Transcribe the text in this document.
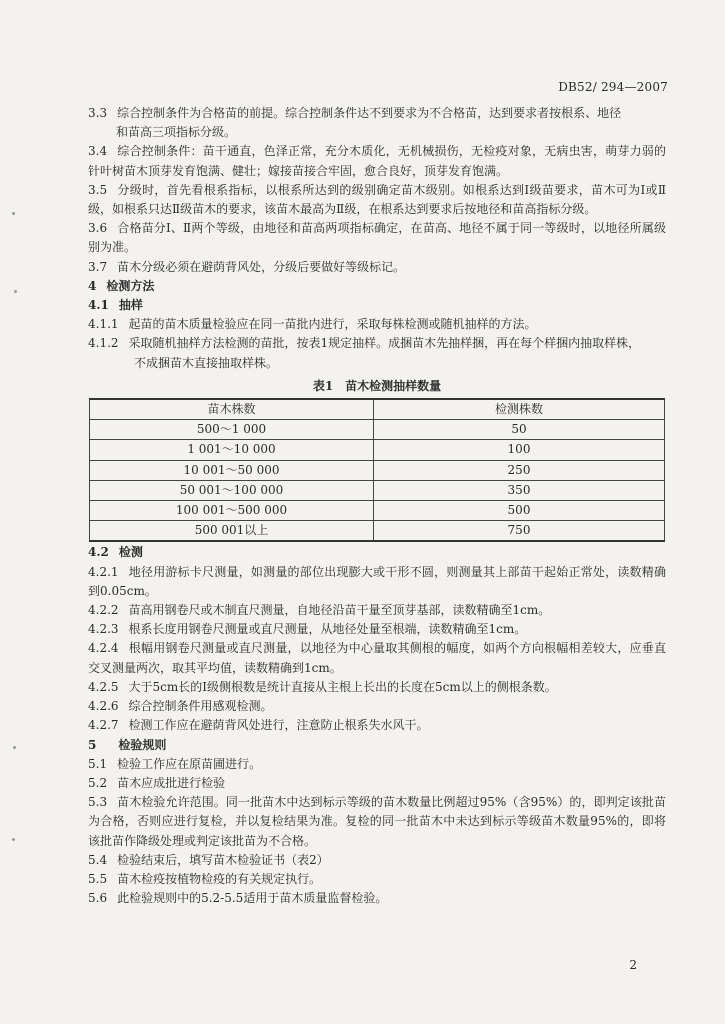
DB52/ 294—2007

3.3 综合控制条件为合格苗的前提。综合控制条件达不到要求为不合格苗，达到要求者按根系、地径

和苗高三项指标分级。

3.4 综合控制条件：苗干通直，色泽正常，充分木质化，无机械损伤，无检疫对象，无病虫害，萌芽力弱的针叶树苗木顶芽发育饱满、健壮；嫁接苗接合牢固，愈合良好，顶芽发育饱满。

3.5 分级时，首先看根系指标，以根系所达到的级别确定苗木级别。如根系达到Ⅰ级苗要求，苗木可为Ⅰ或Ⅱ级，如根系只达Ⅱ级苗木的要求，该苗木最高为Ⅱ级，在根系达到要求后按地径和苗高指标分级。

3.6 合格苗分Ⅰ、Ⅱ两个等级，由地径和苗高两项指标确定，在苗高、地径不属于同一等级时，以地径所属级别为准。

3.7 苗木分级必须在避荫背风处，分级后要做好等级标记。

4 检测方法

4.1 抽样

4.1.1 起苗的苗木质量检验应在同一苗批内进行，采取每株检测或随机抽样的方法。

4.1.2 采取随机抽样方法检测的苗批，按表1规定抽样。成捆苗木先抽样捆，再在每个样捆内抽取样株，

不成捆苗木直接抽取样株。

表1　苗木检测抽样数量
苗木株数	检测株数
500～1 000	50
1 001～10 000	100
10 001～50 000	250
50 001～100 000	350
100 001～500 000	500
500 001以上	750

4.2 检测

4.2.1 地径用游标卡尺测量，如测量的部位出现膨大或干形不圆，则测量其上部苗干起始正常处，读数精确到0.05cm。

4.2.2 苗高用钢卷尺或木制直尺测量，自地径沿苗干量至顶芽基部，读数精确至1cm。

4.2.3 根系长度用钢卷尺测量或直尺测量，从地径处量至根端，读数精确至1cm。

4.2.4 根幅用钢卷尺测量或直尺测量，以地径为中心量取其侧根的幅度，如两个方向根幅相差较大，应垂直交叉测量两次，取其平均值，读数精确到1cm。

4.2.5 大于5cm长的Ⅰ级侧根数是统计直接从主根上长出的长度在5cm以上的侧根条数。

4.2.6 综合控制条件用感观检测。

4.2.7 检测工作应在避荫背风处进行，注意防止根系失水风干。

5 检验规则

5.1 检验工作应在原苗圃进行。

5.2 苗木应成批进行检验

5.3 苗木检验允许范围。同一批苗木中达到标示等级的苗木数量比例超过95%（含95%）的，即判定该批苗为合格，否则应进行复检，并以复检结果为准。复检的同一批苗木中未达到标示等级苗木数量95%的，即将该批苗作降级处理或判定该批苗为不合格。

5.4 检验结束后，填写苗木检验证书（表2）

5.5 苗木检疫按植物检疫的有关规定执行。

5.6 此检验规则中的5.2-5.5适用于苗木质量监督检验。

2
